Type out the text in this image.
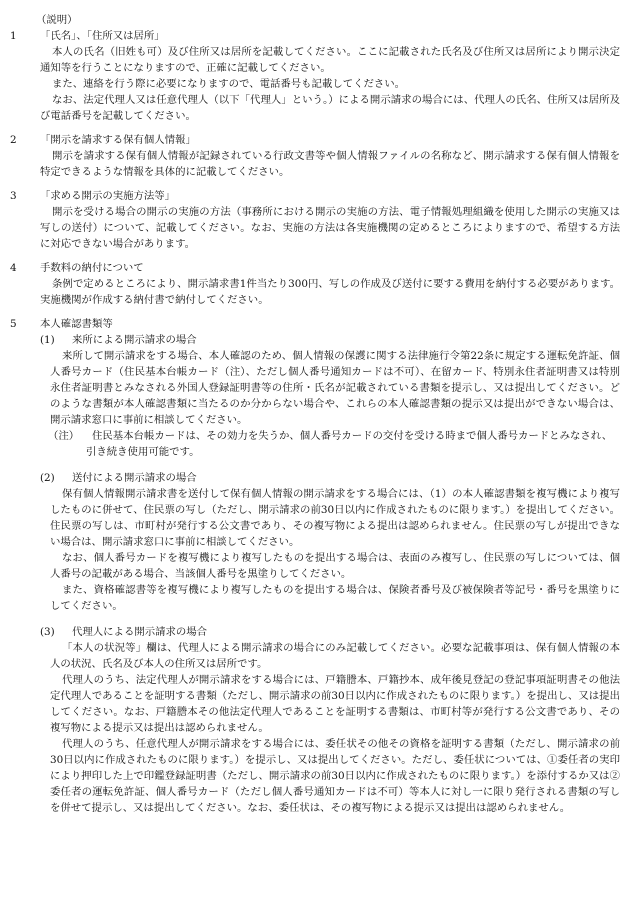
（説明）

1 「氏名」、「住所又は居所」

本人の氏名（旧姓も可）及び住所又は居所を記載してください。ここに記載された氏名及び住所又は居所により開示決定通知等を行うことになりますので、正確に記載してください。

また、連絡を行う際に必要になりますので、電話番号も記載してください。

なお、法定代理人又は任意代理人（以下「代理人」という。）による開示請求の場合には、代理人の氏名、住所又は居所及び電話番号を記載してください。

2 「開示を請求する保有個人情報」

開示を請求する保有個人情報が記録されている行政文書等や個人情報ファイルの名称など、開示請求する保有個人情報を特定できるような情報を具体的に記載してください。

3 「求める開示の実施方法等」

開示を受ける場合の開示の実施の方法（事務所における開示の実施の方法、電子情報処理組織を使用した開示の実施又は写しの送付）について、記載してください。なお、実施の方法は各実施機関の定めるところによりますので、希望する方法に対応できない場合があります。

4 手数料の納付について

条例で定めるところにより、開示請求書1件当たり300円、写しの作成及び送付に要する費用を納付する必要があります。実施機関が作成する納付書で納付してください。

5 本人確認書類等

(1) 来所による開示請求の場合

来所して開示請求をする場合、本人確認のため、個人情報の保護に関する法律施行令第22条に規定する運転免許証、個人番号カード（住民基本台帳カード（注）、ただし個人番号通知カードは不可）、在留カード、特別永住者証明書又は特別永住者証明書とみなされる外国人登録証明書等の住所・氏名が記載されている書類を提示し、又は提出してください。どのような書類が本人確認書類に当たるのか分からない場合や、これらの本人確認書類の提示又は提出ができない場合は、開示請求窓口に事前に相談してください。

（注） 住民基本台帳カードは、その効力を失うか、個人番号カードの交付を受ける時まで個人番号カードとみなされ、引き続き使用可能です。

(2) 送付による開示請求の場合

保有個人情報開示請求書を送付して保有個人情報の開示請求をする場合には、（1）の本人確認書類を複写機により複写したものに併せて、住民票の写し（ただし、開示請求の前30日以内に作成されたものに限ります。）を提出してください。住民票の写しは、市町村が発行する公文書であり、その複写物による提出は認められません。住民票の写しが提出できない場合は、開示請求窓口に事前に相談してください。

なお、個人番号カードを複写機により複写したものを提出する場合は、表面のみ複写し、住民票の写しについては、個人番号の記載がある場合、当該個人番号を黒塗りしてください。

また、資格確認書等を複写機により複写したものを提出する場合は、保険者番号及び被保険者等記号・番号を黒塗りにしてください。

(3) 代理人による開示請求の場合

「本人の状況等」欄は、代理人による開示請求の場合にのみ記載してください。必要な記載事項は、保有個人情報の本人の状況、氏名及び本人の住所又は居所です。

代理人のうち、法定代理人が開示請求をする場合には、戸籍謄本、戸籍抄本、成年後見登記の登記事項証明書その他法定代理人であることを証明する書類（ただし、開示請求の前30日以内に作成されたものに限ります。）を提出し、又は提出してください。なお、戸籍謄本その他法定代理人であることを証明する書類は、市町村等が発行する公文書であり、その複写物による提示又は提出は認められません。

代理人のうち、任意代理人が開示請求をする場合には、委任状その他その資格を証明する書類（ただし、開示請求の前30日以内に作成されたものに限ります。）を提示し、又は提出してください。ただし、委任状については、①委任者の実印により押印した上で印鑑登録証明書（ただし、開示請求の前30日以内に作成されたものに限ります。）を添付するか又は②委任者の運転免許証、個人番号カード（ただし個人番号通知カードは不可）等本人に対し一に限り発行される書類の写しを併せて提示し、又は提出してください。なお、委任状は、その複写物による提示又は提出は認められません。
